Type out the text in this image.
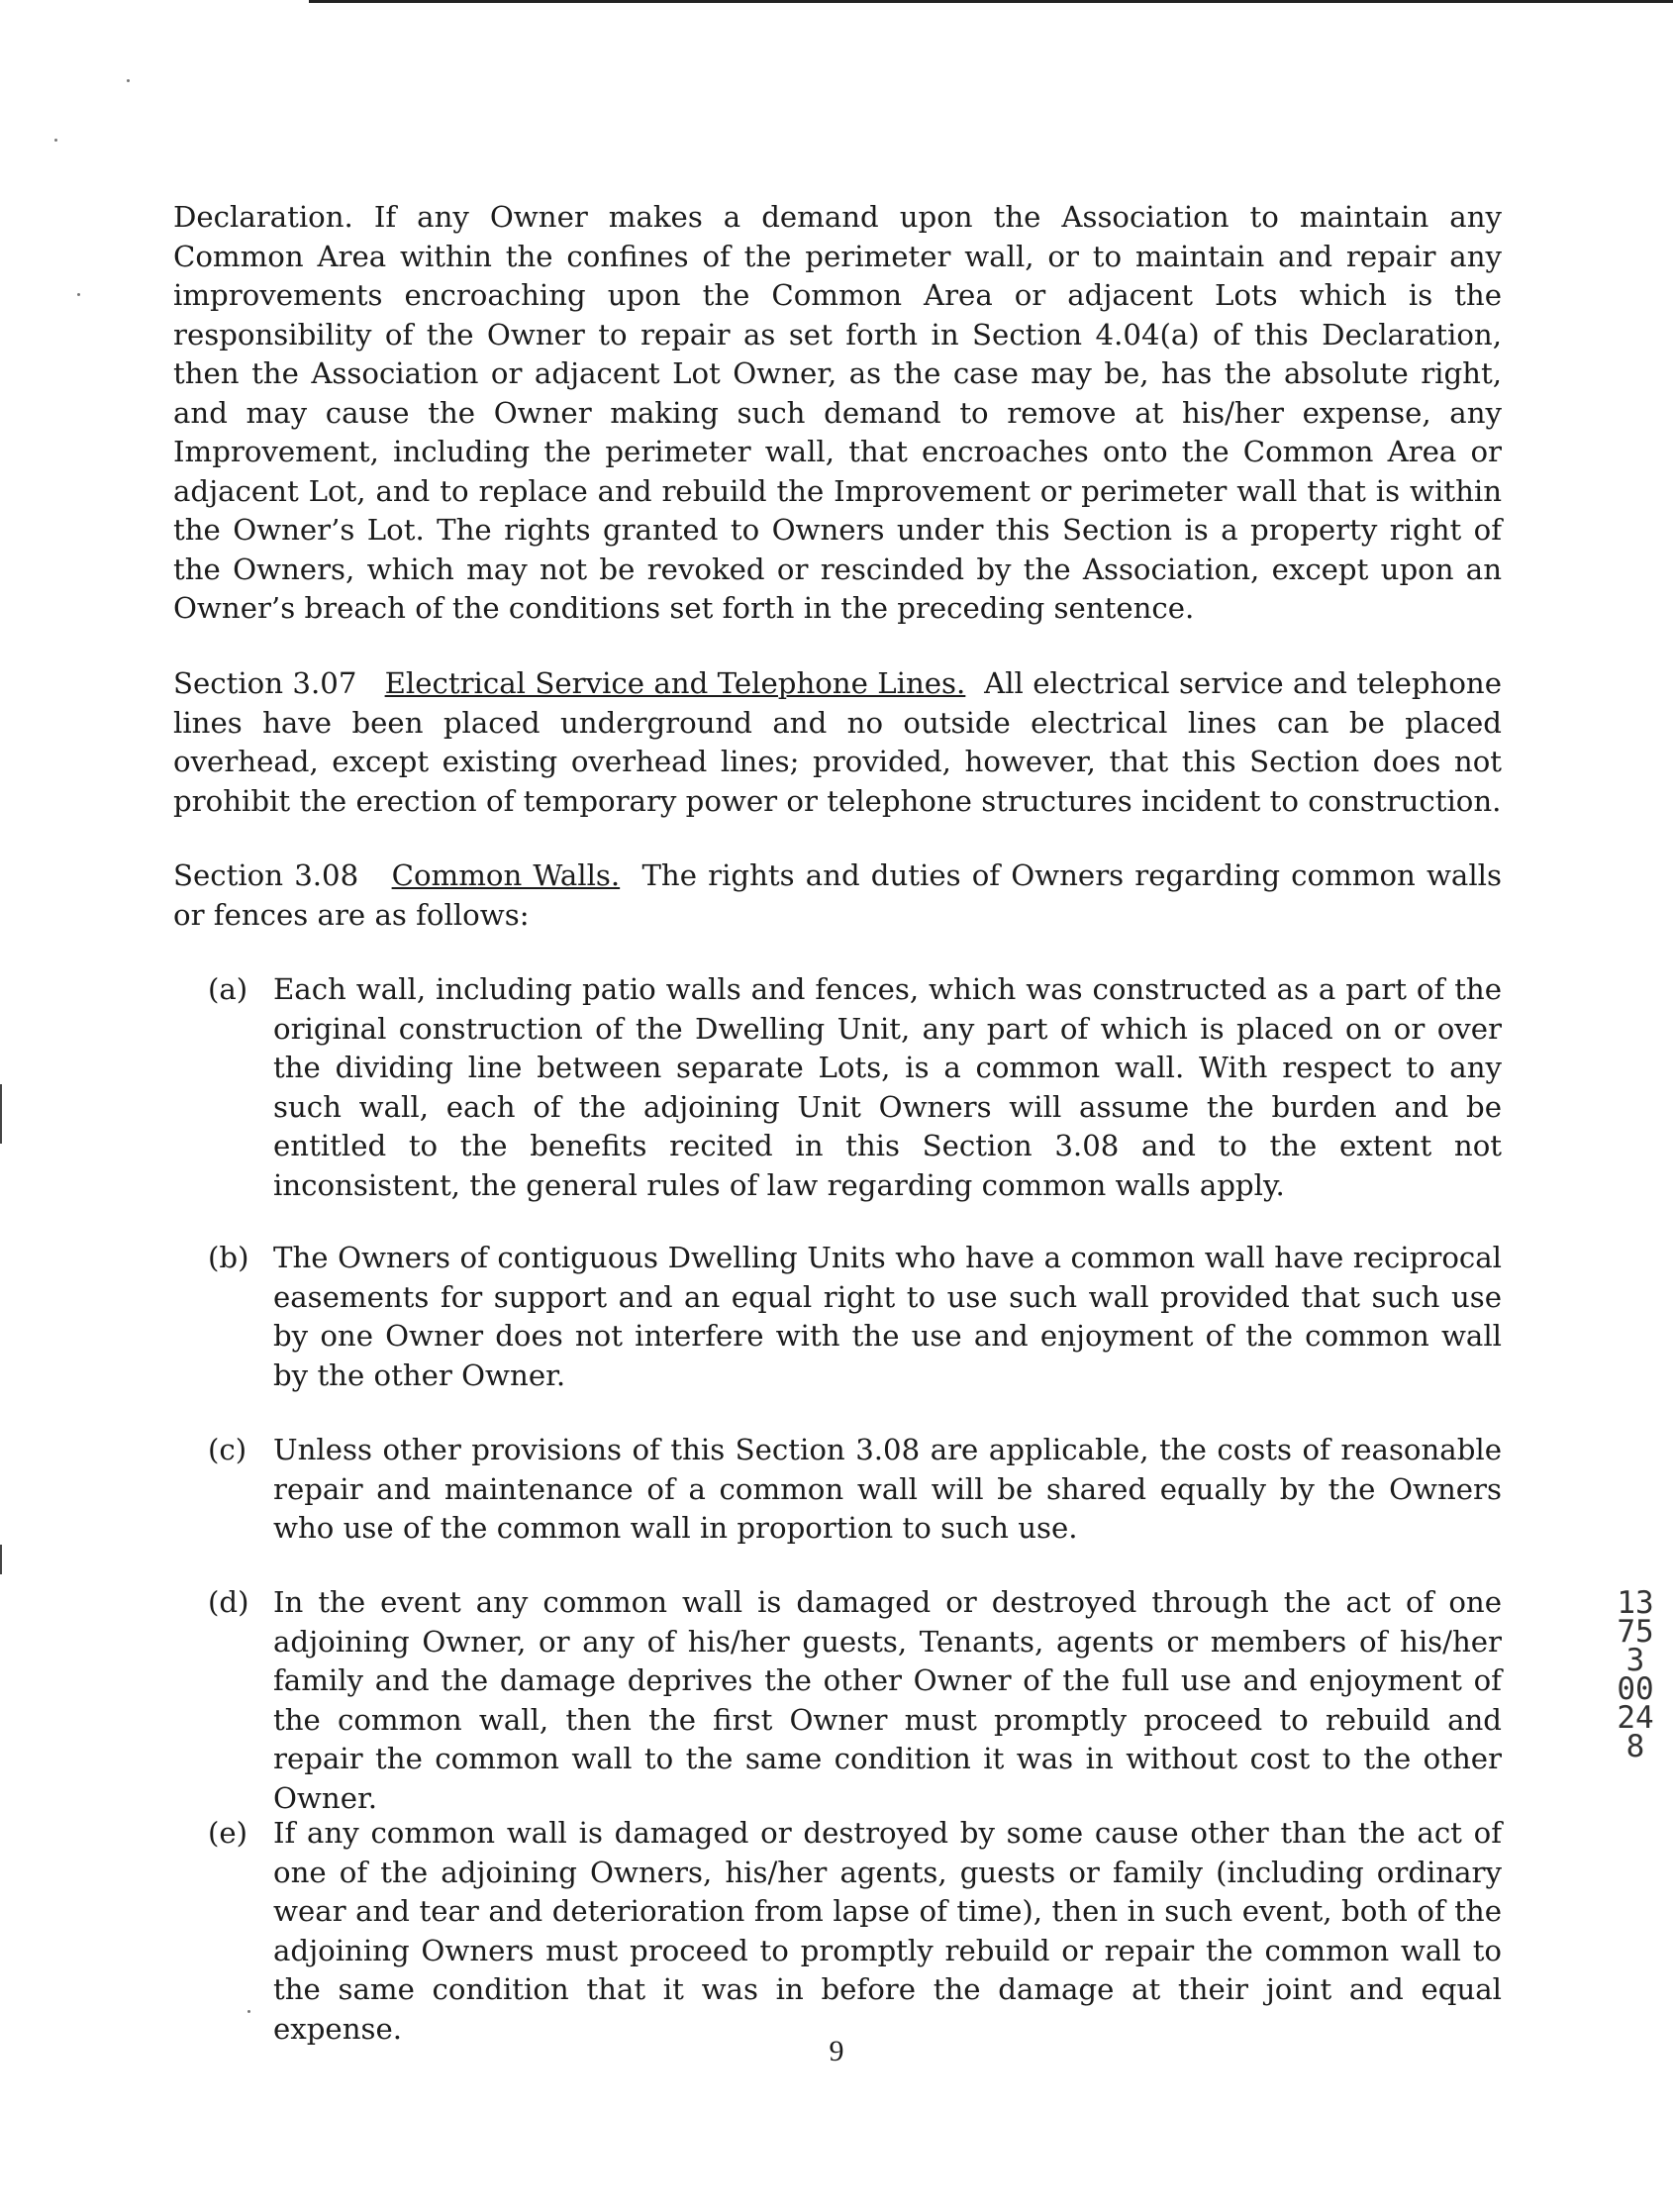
Declaration. If any Owner makes a demand upon the Association to maintain any Common Area within the confines of the perimeter wall, or to maintain and repair any improvements encroaching upon the Common Area or adjacent Lots which is the responsibility of the Owner to repair as set forth in Section 4.04(a) of this Declaration, then the Association or adjacent Lot Owner, as the case may be, has the absolute right, and may cause the Owner making such demand to remove at his/her expense, any Improvement, including the perimeter wall, that encroaches onto the Common Area or adjacent Lot, and to replace and rebuild the Improvement or perimeter wall that is within the Owner’s Lot. The rights granted to Owners under this Section is a property right of the Owners, which may not be revoked or rescinded by the Association, except upon an Owner’s breach of the conditions set forth in the preceding sentence.

Section 3.07 Electrical Service and Telephone Lines. All electrical service and telephone lines have been placed underground and no outside electrical lines can be placed overhead, except existing overhead lines; provided, however, that this Section does not prohibit the erection of temporary power or telephone structures incident to construction.

Section 3.08 Common Walls. The rights and duties of Owners regarding common walls or fences are as follows:

(a) Each wall, including patio walls and fences, which was constructed as a part of the original construction of the Dwelling Unit, any part of which is placed on or over the dividing line between separate Lots, is a common wall. With respect to any such wall, each of the adjoining Unit Owners will assume the burden and be entitled to the benefits recited in this Section 3.08 and to the extent not inconsistent, the general rules of law regarding common walls apply.

(b) The Owners of contiguous Dwelling Units who have a common wall have reciprocal easements for support and an equal right to use such wall provided that such use by one Owner does not interfere with the use and enjoyment of the common wall by the other Owner.

(c) Unless other provisions of this Section 3.08 are applicable, the costs of reasonable repair and maintenance of a common wall will be shared equally by the Owners who use of the common wall in proportion to such use.

(d) In the event any common wall is damaged or destroyed through the act of one adjoining Owner, or any of his/her guests, Tenants, agents or members of his/her family and the damage deprives the other Owner of the full use and enjoyment of the common wall, then the first Owner must promptly proceed to rebuild and repair the common wall to the same condition it was in without cost to the other Owner.

(e) If any common wall is damaged or destroyed by some cause other than the act of one of the adjoining Owners, his/her agents, guests or family (including ordinary wear and tear and deterioration from lapse of time), then in such event, both of the adjoining Owners must proceed to promptly rebuild or repair the common wall to the same condition that it was in before the damage at their joint and equal expense.

9
13753 00248
